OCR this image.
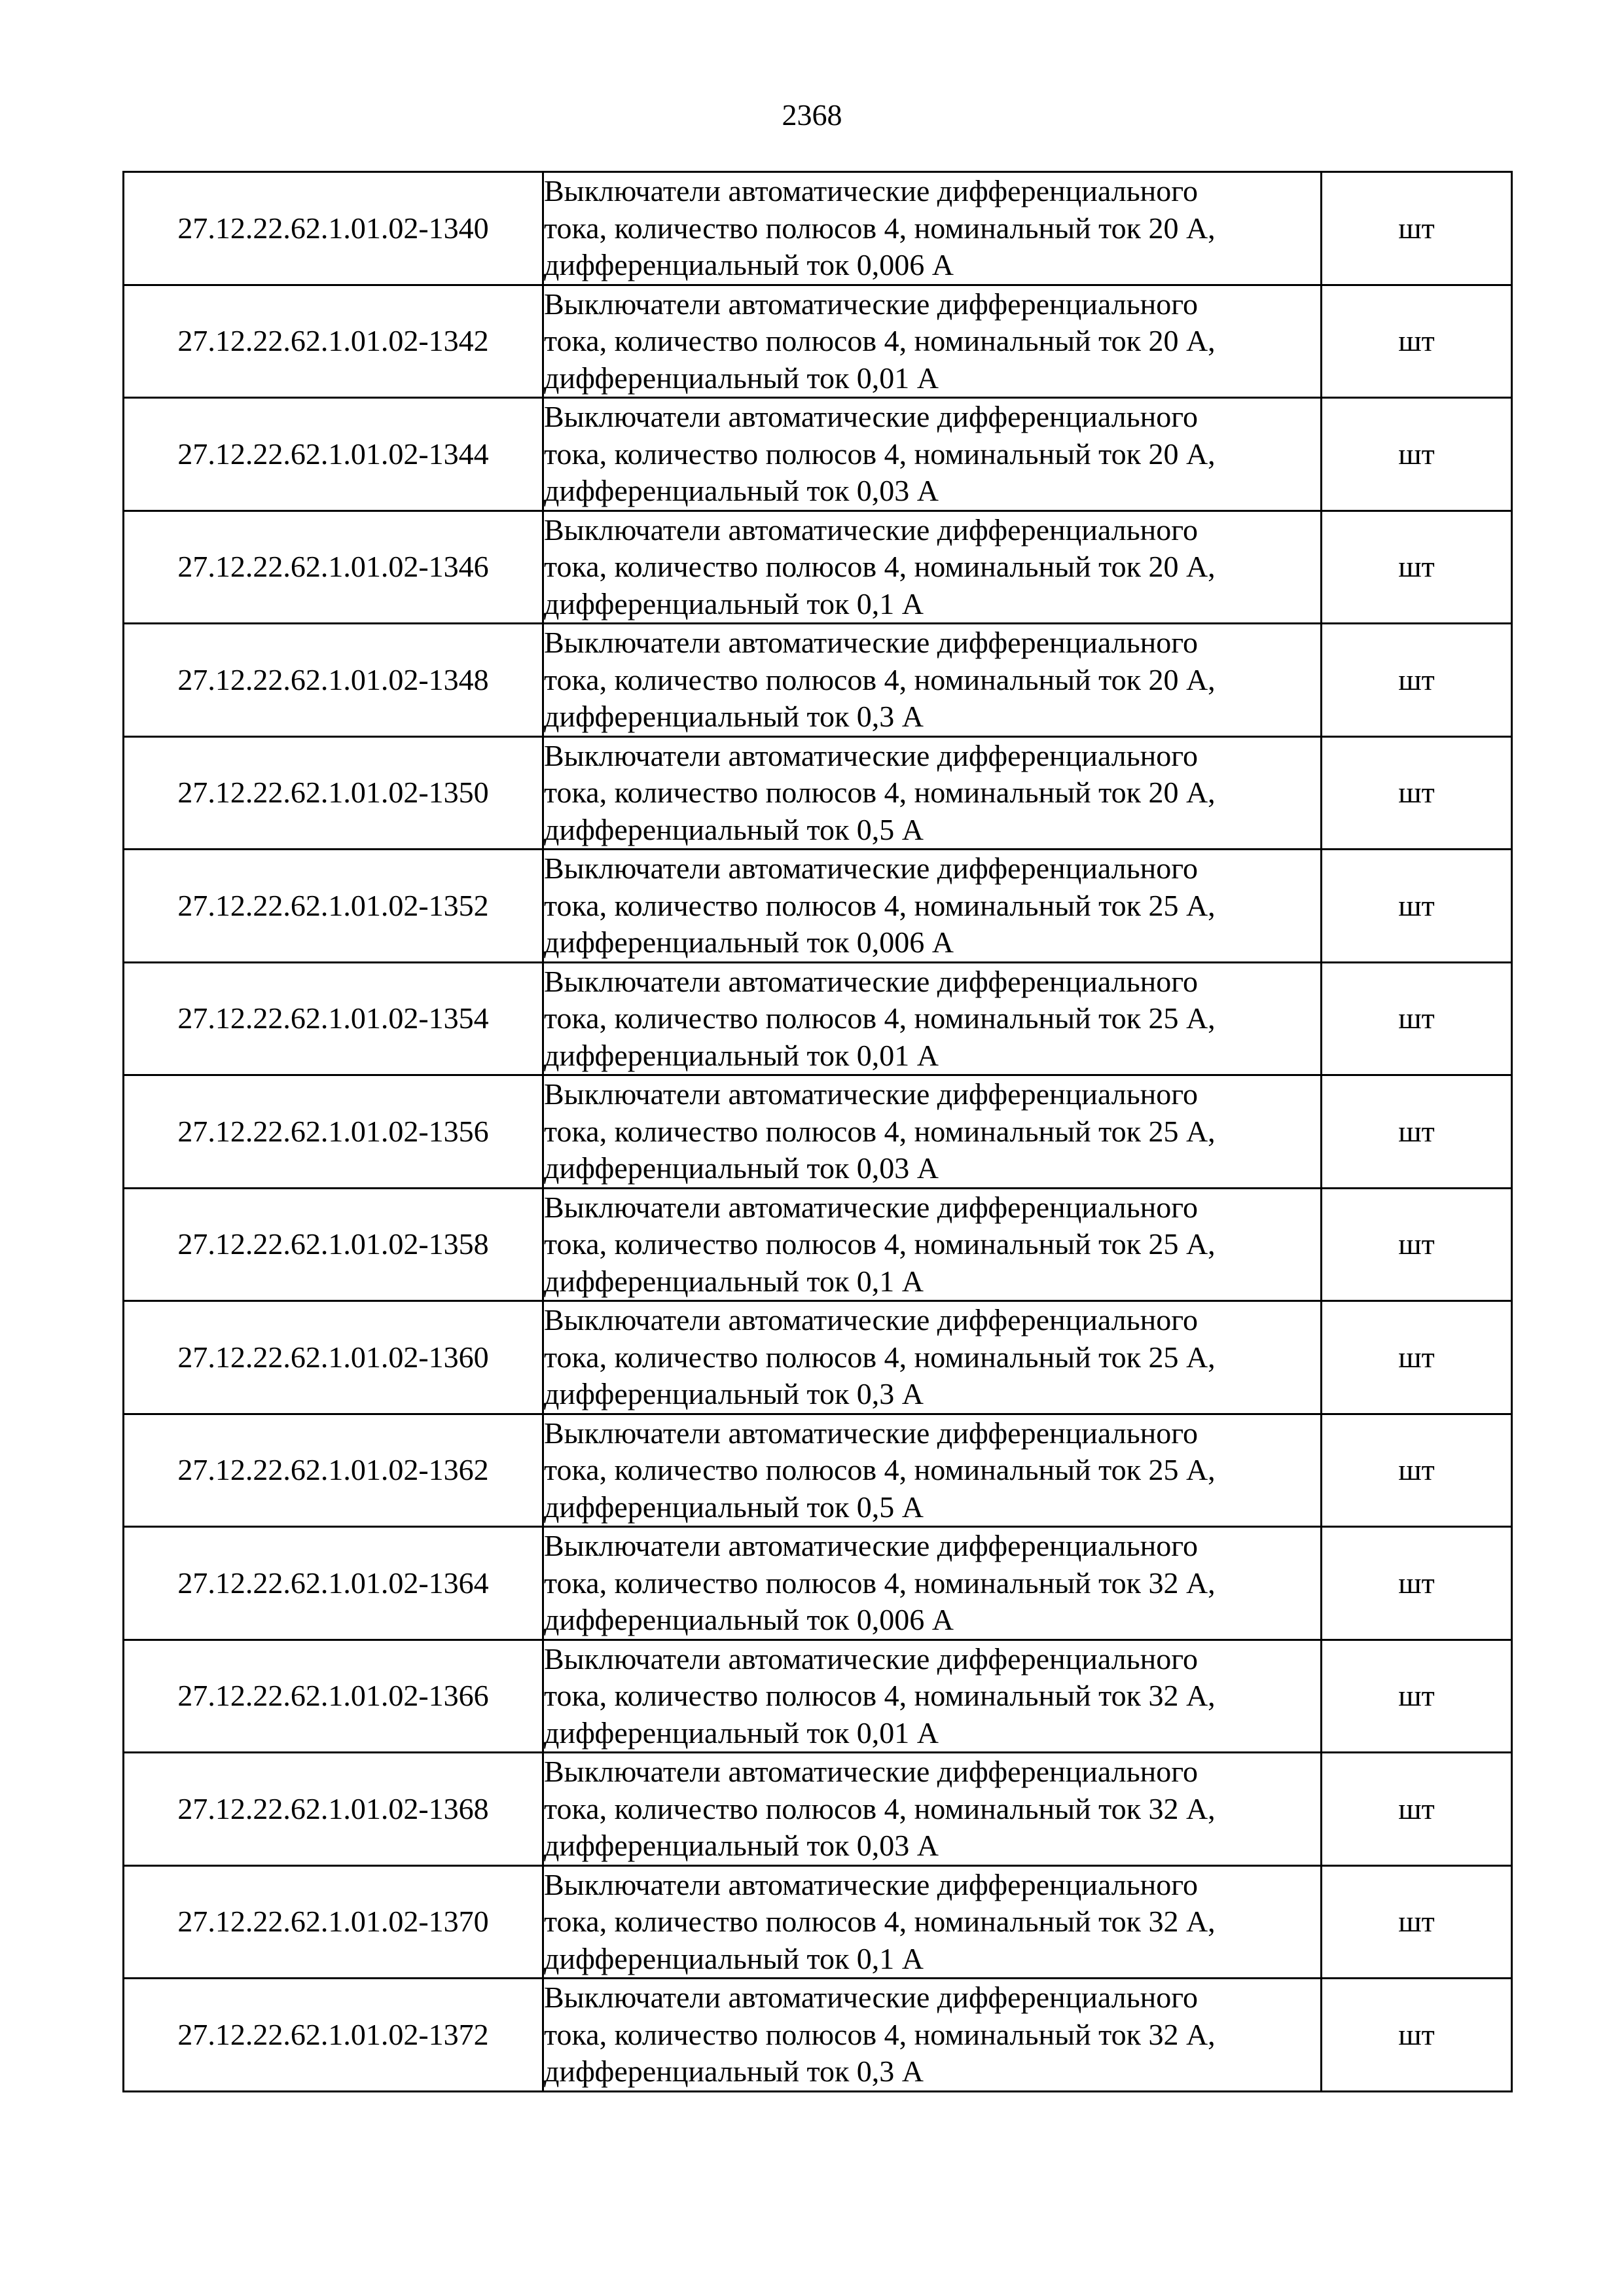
2368
27.12.22.62.1.01.02-1340	Выключатели автоматические дифференциального
тока, количество полюсов 4, номинальный ток 20 А,
дифференциальный ток 0,006 А	шт
27.12.22.62.1.01.02-1342	Выключатели автоматические дифференциального
тока, количество полюсов 4, номинальный ток 20 А,
дифференциальный ток 0,01 А	шт
27.12.22.62.1.01.02-1344	Выключатели автоматические дифференциального
тока, количество полюсов 4, номинальный ток 20 А,
дифференциальный ток 0,03 А	шт
27.12.22.62.1.01.02-1346	Выключатели автоматические дифференциального
тока, количество полюсов 4, номинальный ток 20 А,
дифференциальный ток 0,1 А	шт
27.12.22.62.1.01.02-1348	Выключатели автоматические дифференциального
тока, количество полюсов 4, номинальный ток 20 А,
дифференциальный ток 0,3 А	шт
27.12.22.62.1.01.02-1350	Выключатели автоматические дифференциального
тока, количество полюсов 4, номинальный ток 20 А,
дифференциальный ток 0,5 А	шт
27.12.22.62.1.01.02-1352	Выключатели автоматические дифференциального
тока, количество полюсов 4, номинальный ток 25 А,
дифференциальный ток 0,006 А	шт
27.12.22.62.1.01.02-1354	Выключатели автоматические дифференциального
тока, количество полюсов 4, номинальный ток 25 А,
дифференциальный ток 0,01 А	шт
27.12.22.62.1.01.02-1356	Выключатели автоматические дифференциального
тока, количество полюсов 4, номинальный ток 25 А,
дифференциальный ток 0,03 А	шт
27.12.22.62.1.01.02-1358	Выключатели автоматические дифференциального
тока, количество полюсов 4, номинальный ток 25 А,
дифференциальный ток 0,1 А	шт
27.12.22.62.1.01.02-1360	Выключатели автоматические дифференциального
тока, количество полюсов 4, номинальный ток 25 А,
дифференциальный ток 0,3 А	шт
27.12.22.62.1.01.02-1362	Выключатели автоматические дифференциального
тока, количество полюсов 4, номинальный ток 25 А,
дифференциальный ток 0,5 А	шт
27.12.22.62.1.01.02-1364	Выключатели автоматические дифференциального
тока, количество полюсов 4, номинальный ток 32 А,
дифференциальный ток 0,006 А	шт
27.12.22.62.1.01.02-1366	Выключатели автоматические дифференциального
тока, количество полюсов 4, номинальный ток 32 А,
дифференциальный ток 0,01 А	шт
27.12.22.62.1.01.02-1368	Выключатели автоматические дифференциального
тока, количество полюсов 4, номинальный ток 32 А,
дифференциальный ток 0,03 А	шт
27.12.22.62.1.01.02-1370	Выключатели автоматические дифференциального
тока, количество полюсов 4, номинальный ток 32 А,
дифференциальный ток 0,1 А	шт
27.12.22.62.1.01.02-1372	Выключатели автоматические дифференциального
тока, количество полюсов 4, номинальный ток 32 А,
дифференциальный ток 0,3 А	шт
